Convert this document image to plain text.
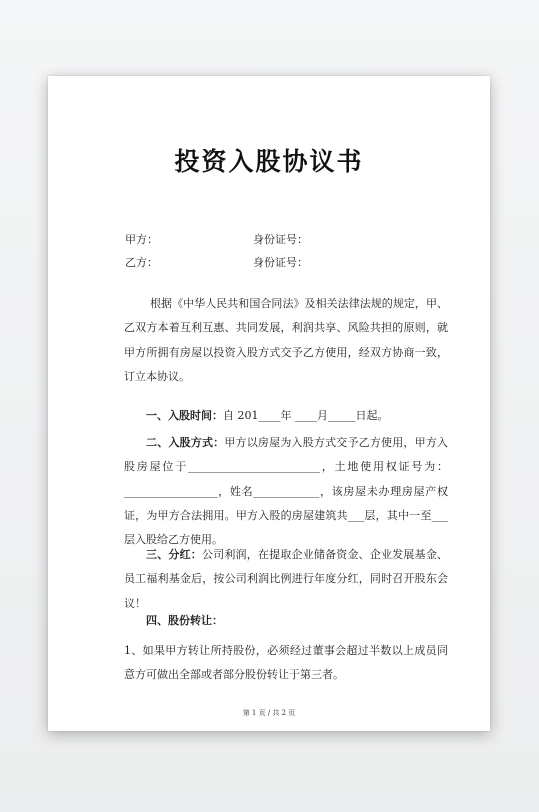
投资入股协议书
甲方：	身份证号：
乙方：	身份证号：
根据《中华人民共和国合同法》及相关法律法规的规定，甲、乙双方本着互利互惠、共同发展，利润共享、风险共担的原则，就甲方所拥有房屋以投资入股方式交予乙方使用，经双方协商一致，订立本协议。
一、入股时间：自 201____年 ____月_____日起。
二、入股方式：甲方以房屋为入股方式交予乙方使用，甲方入股房屋位于________________________，土地使用权证号为：_________________，姓名____________，该房屋未办理房屋产权证，为甲方合法拥用。甲方入股的房屋建筑共___层，其中一至___层入股给乙方使用。
三、分红：公司利润，在提取企业储备资金、企业发展基金、员工福利基金后，按公司利润比例进行年度分红，同时召开股东会议！
四、股份转让：
1、如果甲方转让所持股份，必须经过董事会超过半数以上成员同意方可做出全部或者部分股份转让于第三者。
第 1 页 / 共 2 页
